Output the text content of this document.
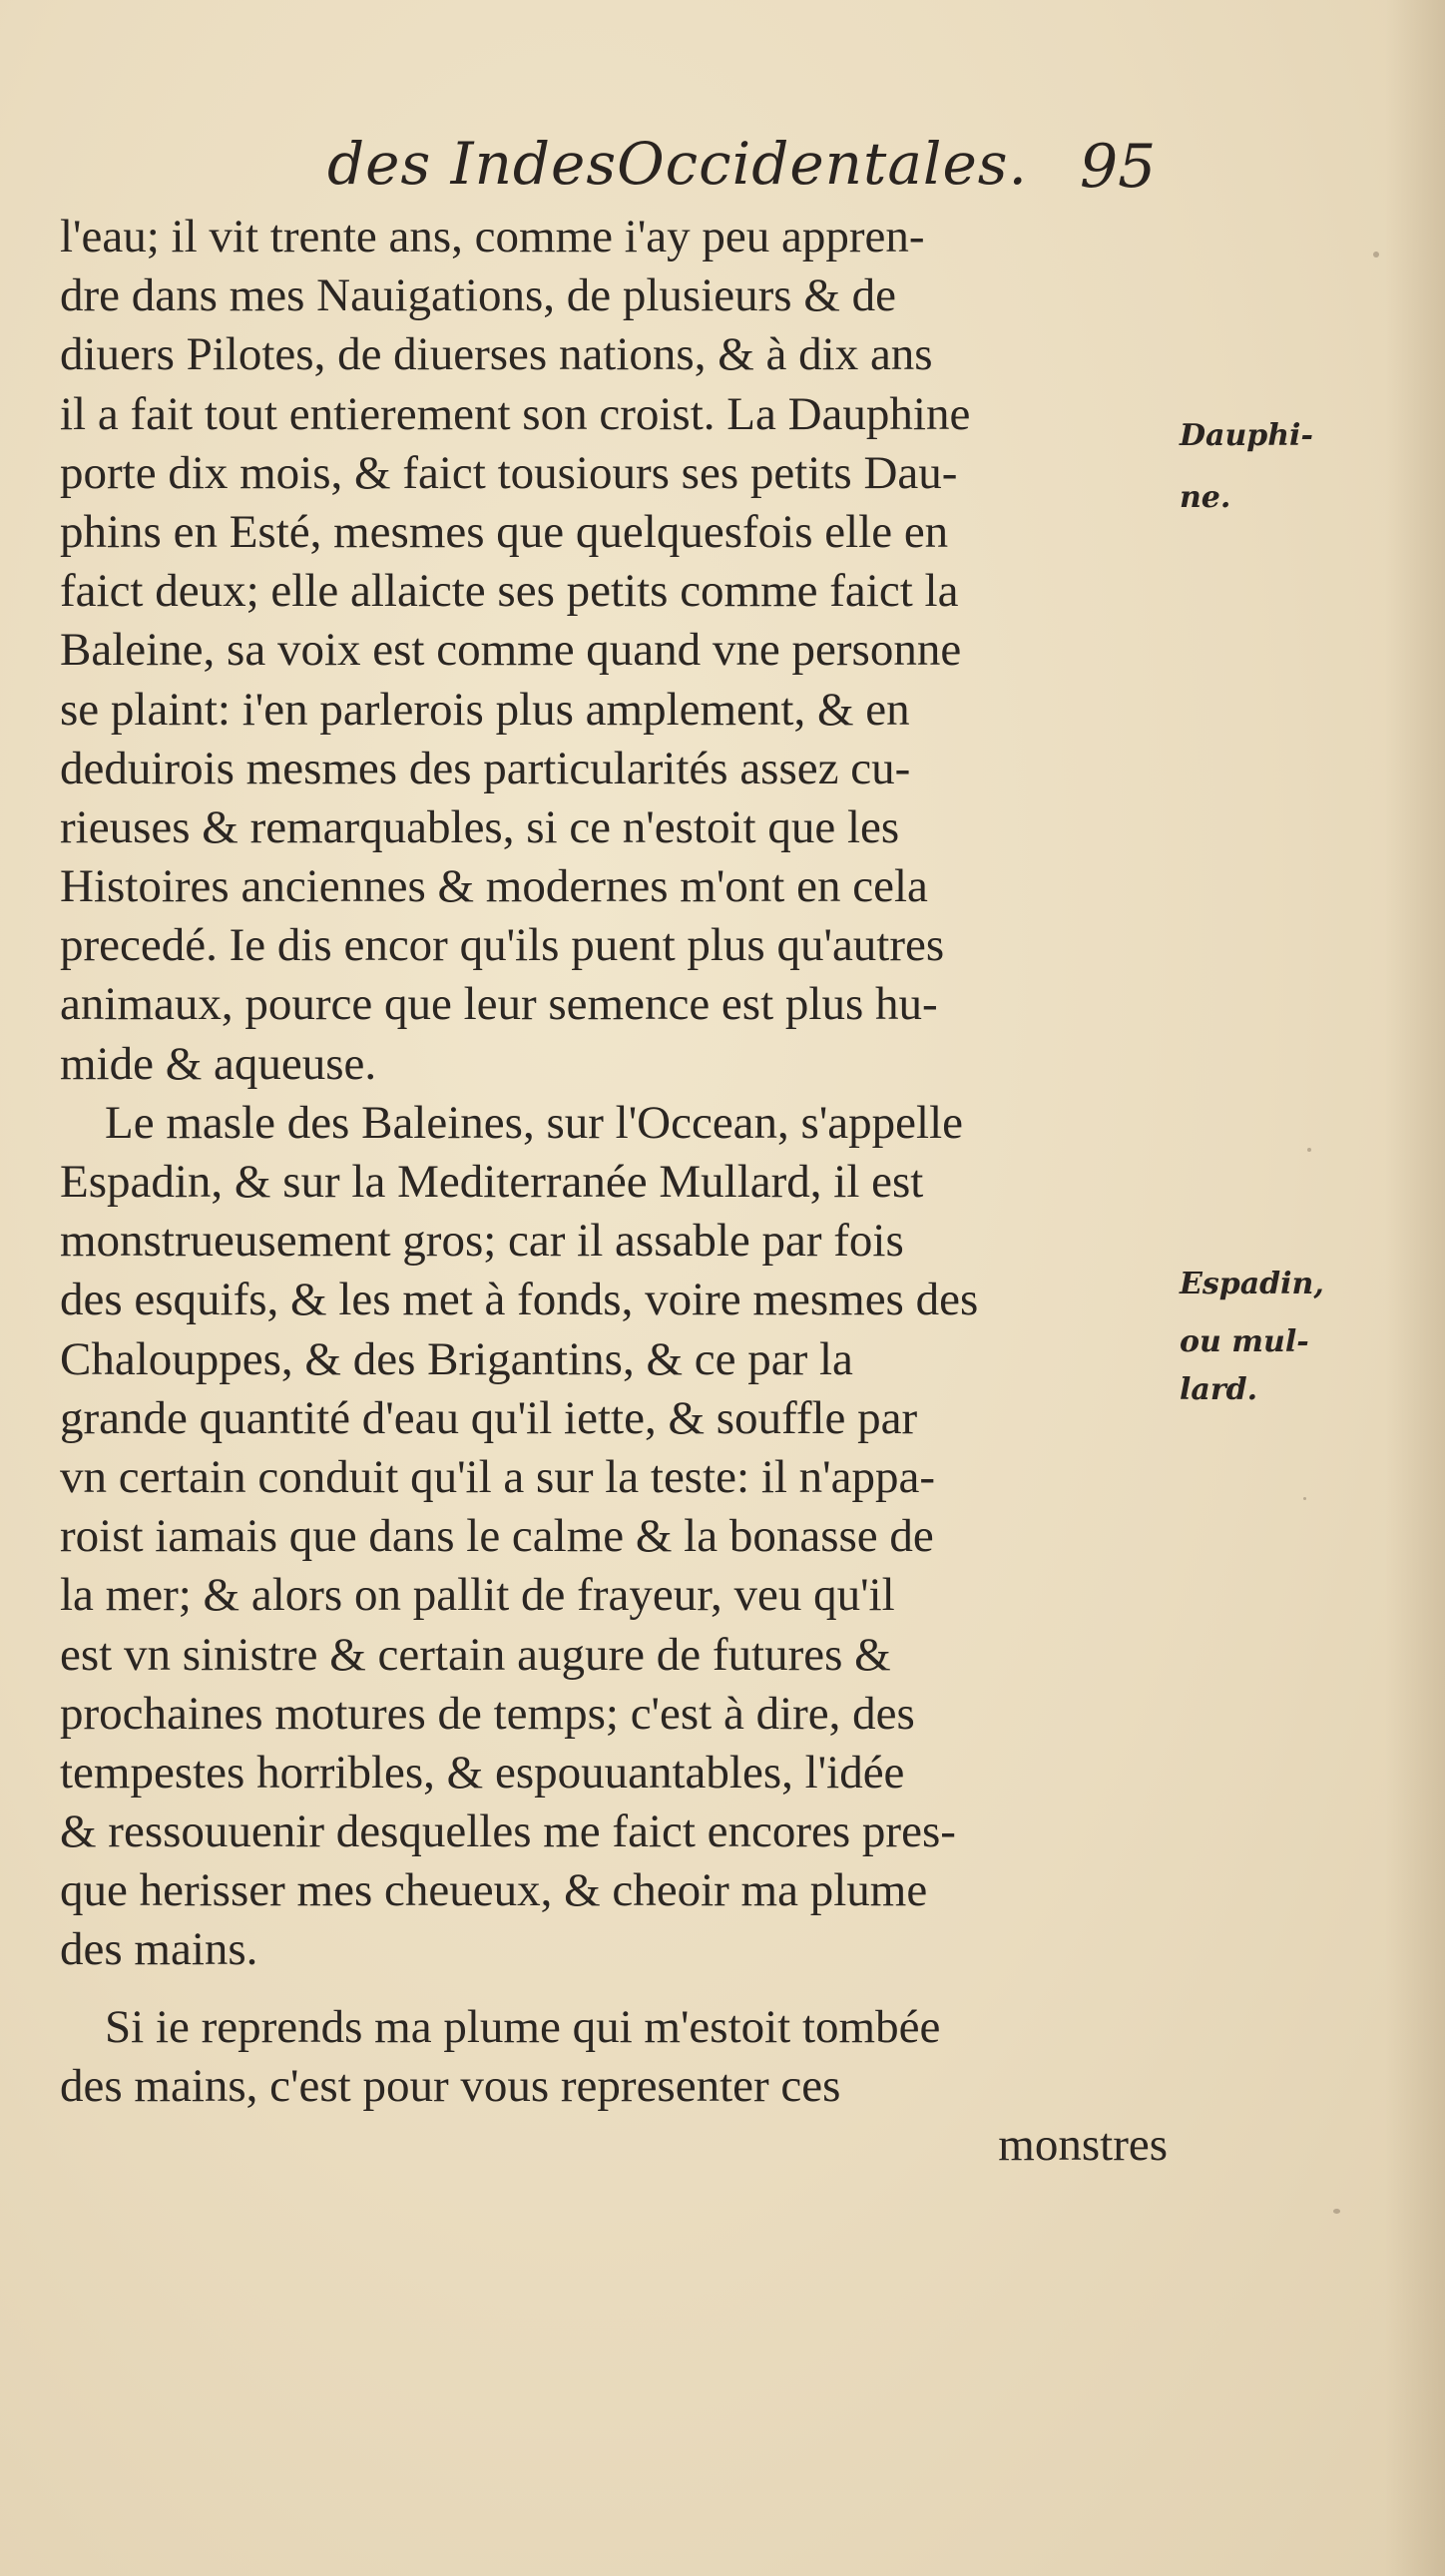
des IndesOccidentales. 95
l'eau; il vit trente ans, comme i'ay peu appren-
dre dans mes Nauigations, de plusieurs & de
diuers Pilotes, de diuerses nations, & à dix ans
il a fait tout entierement son croist. La Dauphine
porte dix mois, & faict tousiours ses petits Dau-
phins en Esté, mesmes que quelquesfois elle en
faict deux; elle allaicte ses petits comme faict la
Baleine, sa voix est comme quand vne personne
se plaint: i'en parlerois plus amplement, & en
deduirois mesmes des particularités assez cu-
rieuses & remarquables, si ce n'estoit que les
Histoires anciennes & modernes m'ont en cela
precedé. Ie dis encor qu'ils puent plus qu'autres
animaux, pource que leur semence est plus hu-
mide & aqueuse.
Le masle des Baleines, sur l'Occean, s'appelle
Espadin, & sur la Mediterranée Mullard, il est
monstrueusement gros; car il assable par fois
des esquifs, & les met à fonds, voire mesmes des
Chalouppes, & des Brigantins, & ce par la
grande quantité d'eau qu'il iette, & souffle par
vn certain conduit qu'il a sur la teste: il n'appa-
roist iamais que dans le calme & la bonasse de
la mer; & alors on pallit de frayeur, veu qu'il
est vn sinistre & certain augure de futures &
prochaines motures de temps; c'est à dire, des
tempestes horribles, & espouuantables, l'idée
& ressouuenir desquelles me faict encores pres-
que herisser mes cheueux, & cheoir ma plume
des mains.
Si ie reprends ma plume qui m'estoit tombée
des mains, c'est pour vous representer ces
monstres
Dauphi-
ne.
Espadin,
ou mul-
lard.
